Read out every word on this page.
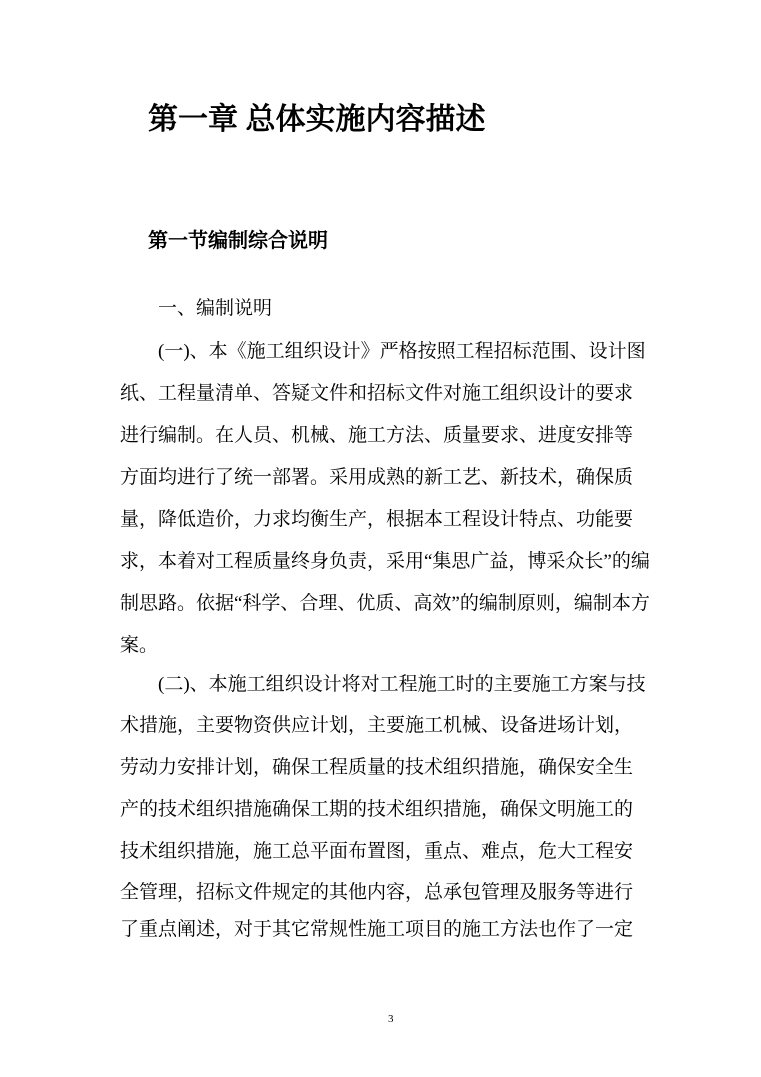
第一章 总体实施内容描述
第一节编制综合说明
一、编制说明
(一)、本《施工组织设计》严格按照工程招标范围、设计图
纸、工程量清单、答疑文件和招标文件对施工组织设计的要求
进行编制。在人员、机械、施工方法、质量要求、进度安排等
方面均进行了统一部署。采用成熟的新工艺、新技术，确保质
量，降低造价，力求均衡生产，根据本工程设计特点、功能要
求，本着对工程质量终身负责，采用“集思广益，博采众长”的编
制思路。依据“科学、合理、优质、高效”的编制原则，编制本方
案。
(二)、本施工组织设计将对工程施工时的主要施工方案与技
术措施，主要物资供应计划，主要施工机械、设备进场计划，
劳动力安排计划，确保工程质量的技术组织措施，确保安全生
产的技术组织措施确保工期的技术组织措施，确保文明施工的
技术组织措施，施工总平面布置图，重点、难点，危大工程安
全管理，招标文件规定的其他内容，总承包管理及服务等进行
了重点阐述，对于其它常规性施工项目的施工方法也作了一定
3
